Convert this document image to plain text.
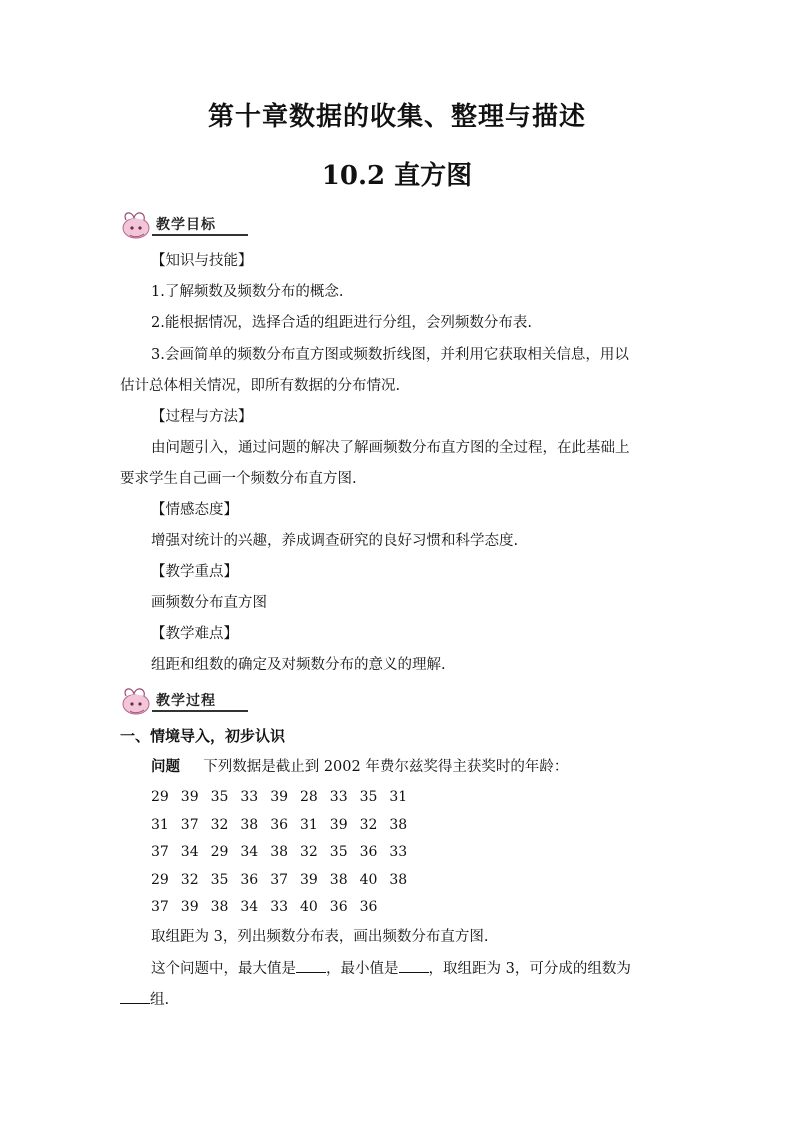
第十章数据的收集、整理与描述
10.2 直方图
教学目标
【知识与技能】
1.了解频数及频数分布的概念.
2.能根据情况，选择合适的组距进行分组，会列频数分布表.
3.会画简单的频数分布直方图或频数折线图，并利用它获取相关信息，用以
估计总体相关情况，即所有数据的分布情况.
【过程与方法】
由问题引入，通过问题的解决了解画频数分布直方图的全过程，在此基础上
要求学生自己画一个频数分布直方图.
【情感态度】
增强对统计的兴趣，养成调查研究的良好习惯和科学态度.
【教学重点】
画频数分布直方图
【教学难点】
组距和组数的确定及对频数分布的意义的理解.
教学过程
一、情境导入，初步认识
问题 下列数据是截止到 2002 年费尔兹奖得主获奖时的年龄：
29 39 35 33 39 28 33 35 31
31 37 32 38 36 31 39 32 38
37 34 29 34 38 32 35 36 33
29 32 35 36 37 39 38 40 38
37 39 38 34 33 40 36 36
取组距为 3，列出频数分布表，画出频数分布直方图.
这个问题中，最大值是 ，最小值是 ，取组距为 3，可分成的组数为
组.
